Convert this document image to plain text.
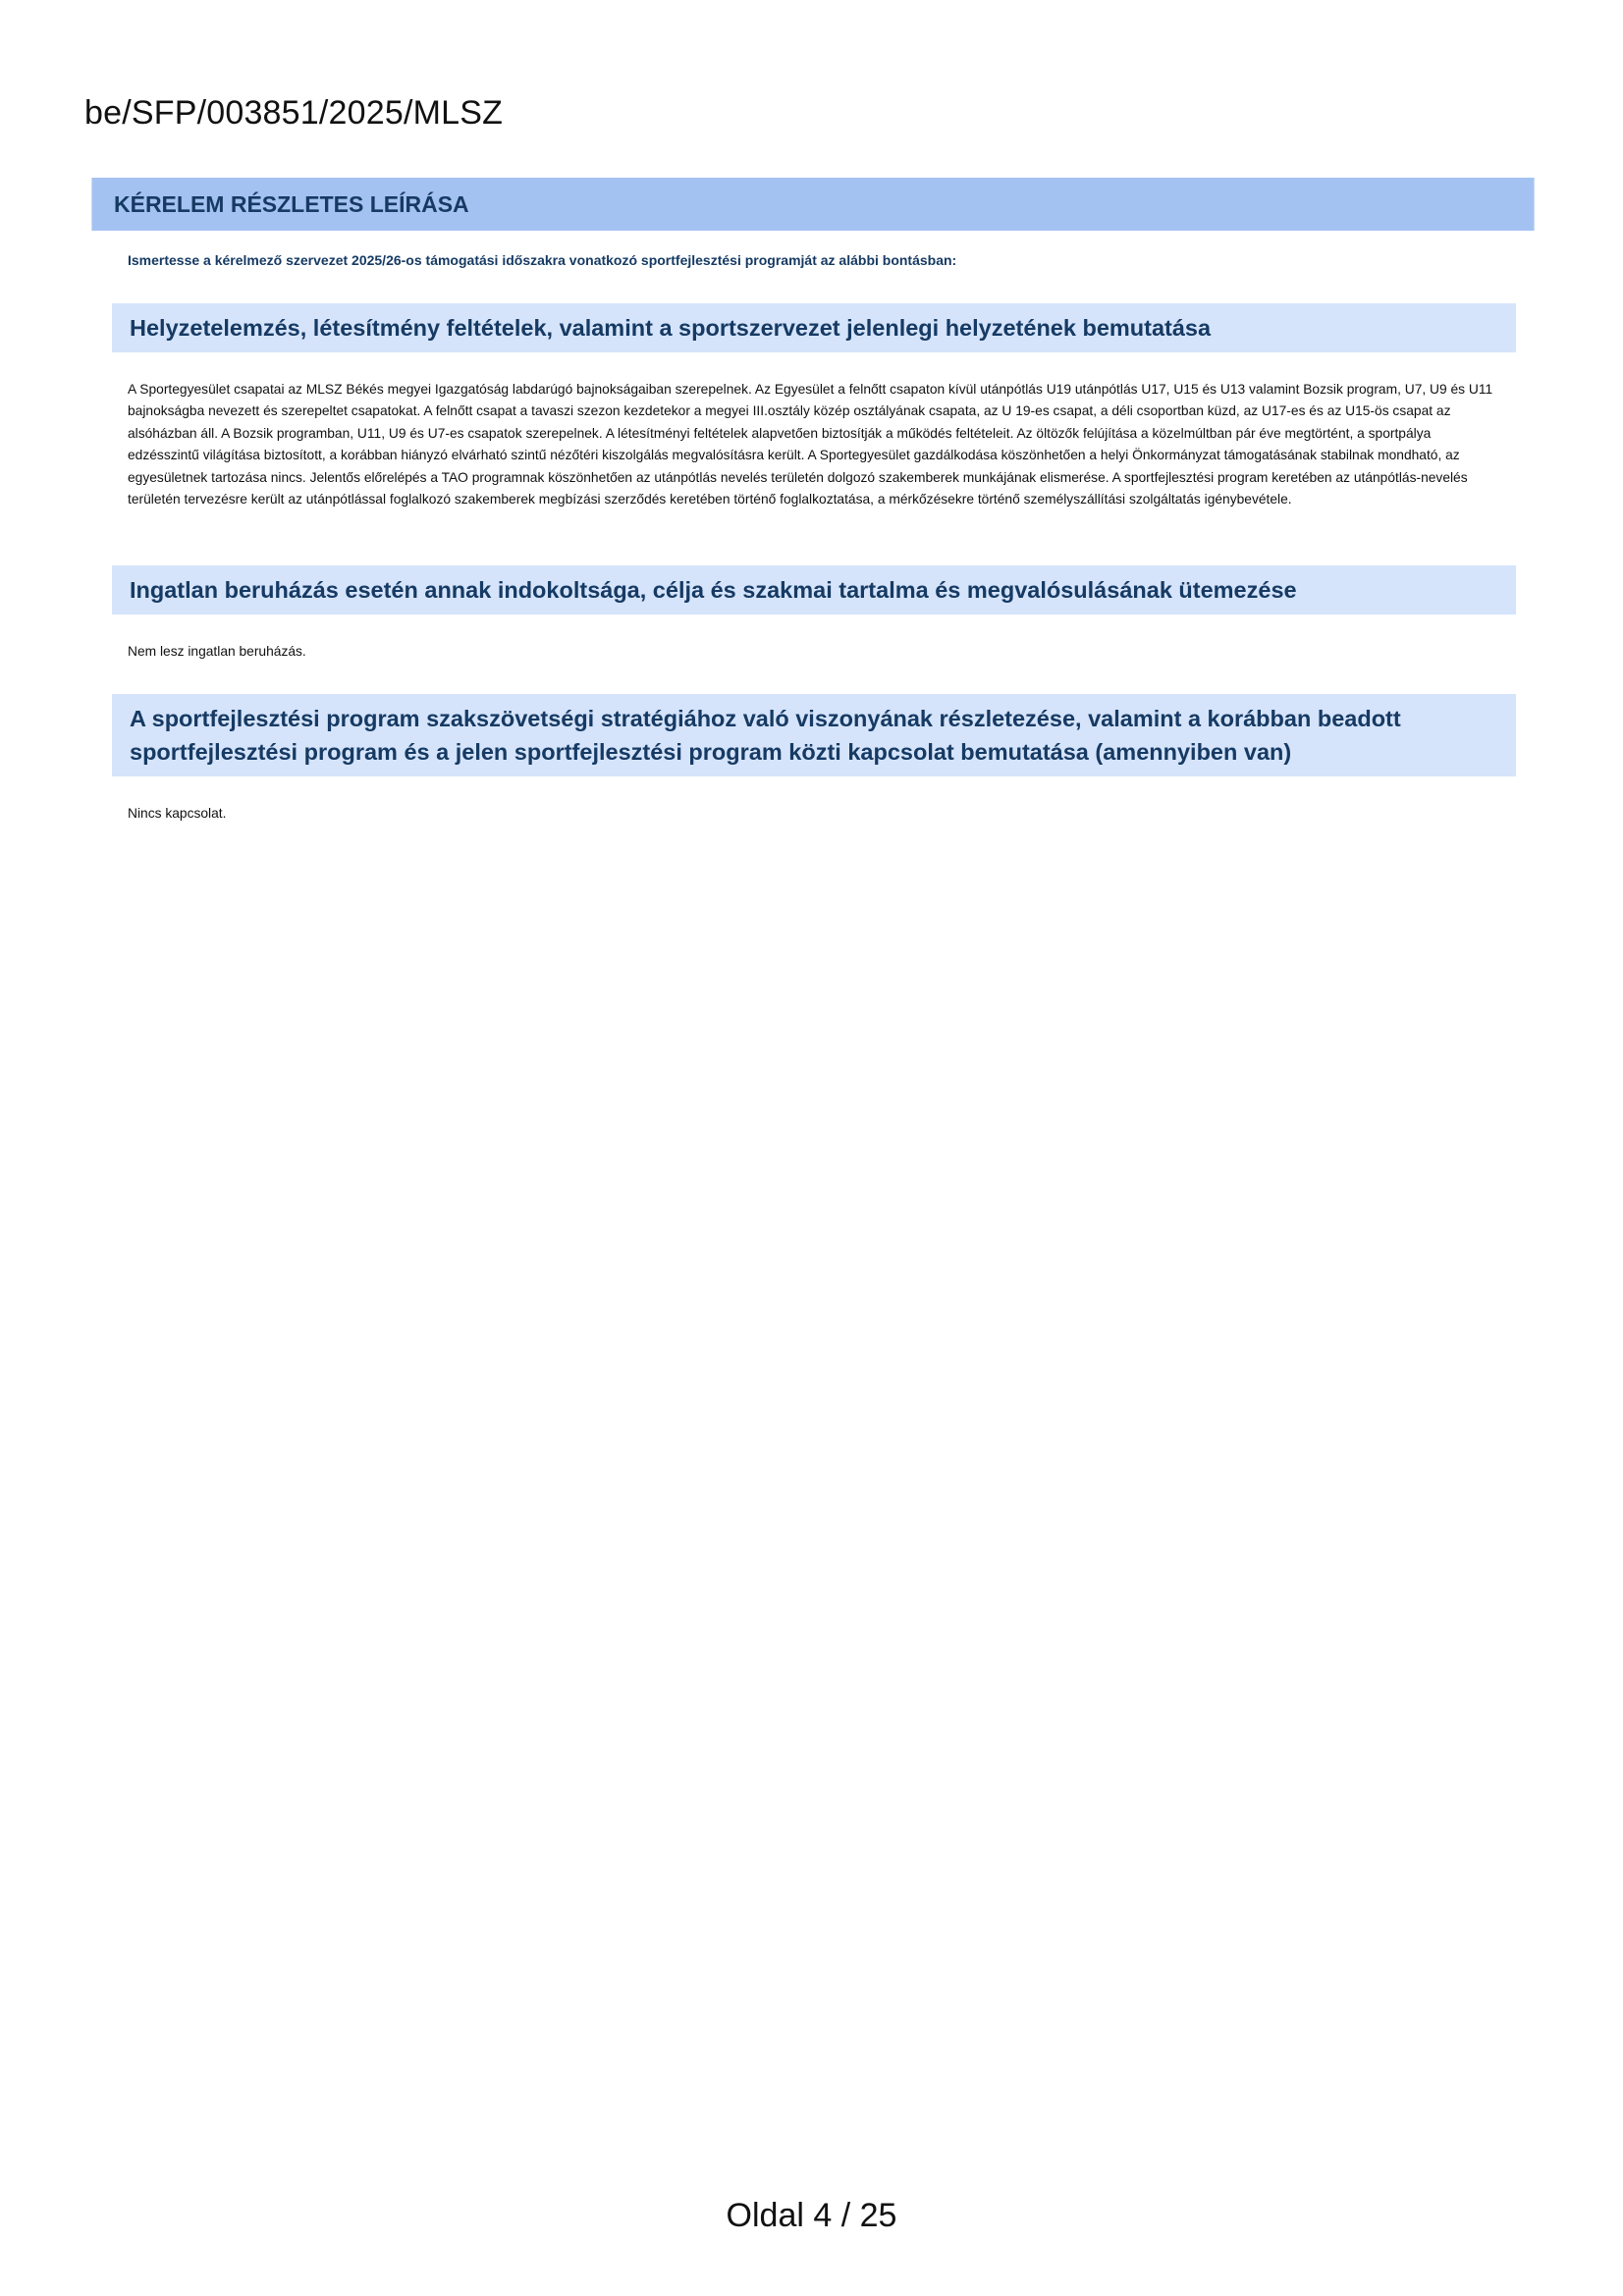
be/SFP/003851/2025/MLSZ
KÉRELEM RÉSZLETES LEÍRÁSA
Ismertesse a kérelmező szervezet 2025/26-os támogatási időszakra vonatkozó sportfejlesztési programját az alábbi bontásban:
Helyzetelemzés, létesítmény feltételek, valamint a sportszervezet jelenlegi helyzetének bemutatása

A Sportegyesület csapatai az MLSZ Békés megyei Igazgatóság labdarúgó bajnokságaiban szerepelnek. Az Egyesület a felnőtt csapaton kívül utánpótlás U19 utánpótlás U17, U15 és U13 valamint Bozsik program, U7, U9 és U11 bajnokságba nevezett és szerepeltet csapatokat. A felnőtt csapat a tavaszi szezon kezdetekor a megyei III.osztály közép osztályának csapata, az U 19-es csapat, a déli csoportban küzd, az U17-es és az U15-ös csapat az alsóházban áll. A Bozsik programban, U11, U9 és U7-es csapatok szerepelnek. A létesítményi feltételek alapvetően biztosítják a működés feltételeit. Az öltözők felújítása a közelmúltban pár éve megtörtént, a sportpálya edzésszintű világítása biztosított, a korábban hiányzó elvárható szintű nézőtéri kiszolgálás megvalósításra került. A Sportegyesület gazdálkodása köszönhetően a helyi Önkormányzat támogatásának stabilnak mondható, az egyesületnek tartozása nincs. Jelentős előrelépés a TAO programnak köszönhetően az utánpótlás nevelés területén dolgozó szakemberek munkájának elismerése. A sportfejlesztési program keretében az utánpótlás-nevelés területén tervezésre került az utánpótlással foglalkozó szakemberek megbízási szerződés keretében történő foglalkoztatása, a mérkőzésekre történő személyszállítási szolgáltatás igénybevétele.

Ingatlan beruházás esetén annak indokoltsága, célja és szakmai tartalma és megvalósulásának ütemezése

Nem lesz ingatlan beruházás.

A sportfejlesztési program szakszövetségi stratégiához való viszonyának részletezése, valamint a korábban beadott sportfejlesztési program és a jelen sportfejlesztési program közti kapcsolat bemutatása (amennyiben van)

Nincs kapcsolat.

Oldal 4 / 25
